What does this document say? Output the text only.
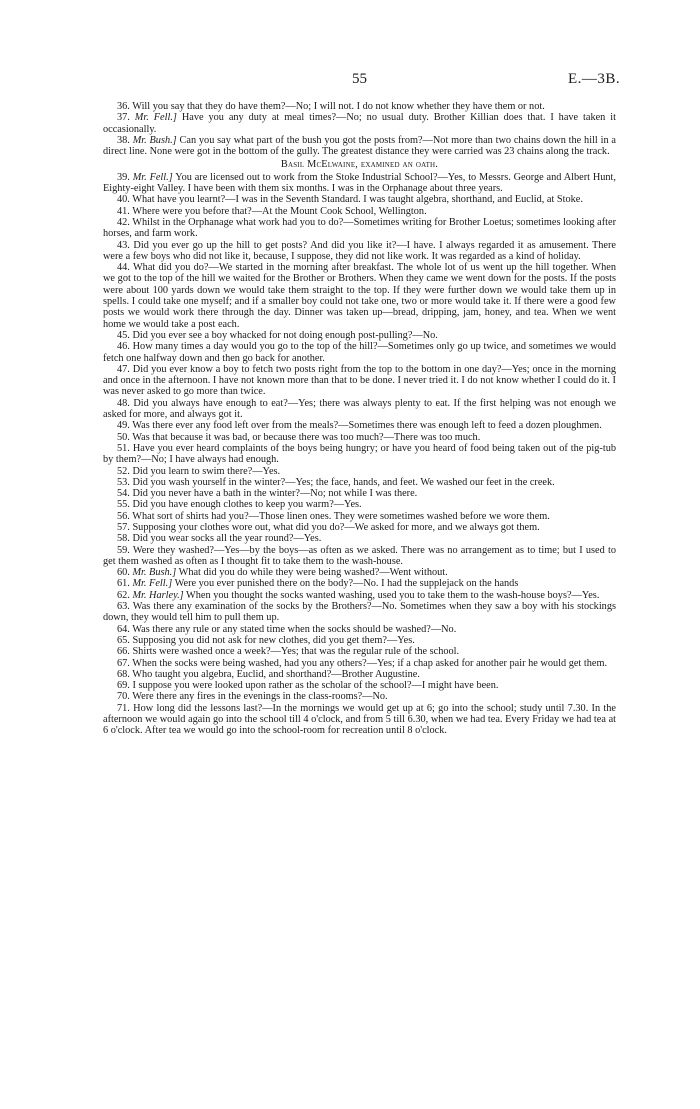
55	E.—3B.

36. Will you say that they do have them?—No; I will not. I do not know whether they have them or not.

37. Mr. Fell.] Have you any duty at meal times?—No; no usual duty. Brother Killian does that. I have taken it occasionally.

38. Mr. Bush.] Can you say what part of the bush you got the posts from?—Not more than two chains down the hill in a direct line. None were got in the bottom of the gully. The greatest distance they were carried was 23 chains along the track.

Basil McElwaine, examined an oath.

39. Mr. Fell.] You are licensed out to work from the Stoke Industrial School?—Yes, to Messrs. George and Albert Hunt, Eighty-eight Valley. I have been with them six months. I was in the Orphanage about three years.

40. What have you learnt?—I was in the Seventh Standard. I was taught algebra, shorthand, and Euclid, at Stoke.

41. Where were you before that?—At the Mount Cook School, Wellington.

42. Whilst in the Orphanage what work had you to do?—Sometimes writing for Brother Loetus; sometimes looking after horses, and farm work.

43. Did you ever go up the hill to get posts? And did you like it?—I have. I always regarded it as amusement. There were a few boys who did not like it, because, I suppose, they did not like work. It was regarded as a kind of holiday.

44. What did you do?—We started in the morning after breakfast. The whole lot of us went up the hill together. When we got to the top of the hill we waited for the Brother or Brothers. When they came we went down for the posts. If the posts were about 100 yards down we would take them straight to the top. If they were further down we would take them up in spells. I could take one myself; and if a smaller boy could not take one, two or more would take it. If there were a good few posts we would work there through the day. Dinner was taken up—bread, dripping, jam, honey, and tea. When we went home we would take a post each.

45. Did you ever see a boy whacked for not doing enough post-pulling?—No.

46. How many times a day would you go to the top of the hill?—Sometimes only go up twice, and sometimes we would fetch one halfway down and then go back for another.

47. Did you ever know a boy to fetch two posts right from the top to the bottom in one day?—Yes; once in the morning and once in the afternoon. I have not known more than that to be done. I never tried it. I do not know whether I could do it. I was never asked to go more than twice.

48. Did you always have enough to eat?—Yes; there was always plenty to eat. If the first helping was not enough we asked for more, and always got it.

49. Was there ever any food left over from the meals?—Sometimes there was enough left to feed a dozen ploughmen.

50. Was that because it was bad, or because there was too much?—There was too much.

51. Have you ever heard complaints of the boys being hungry; or have you heard of food being taken out of the pig-tub by them?—No; I have always had enough.

52. Did you learn to swim there?—Yes.

53. Did you wash yourself in the winter?—Yes; the face, hands, and feet. We washed our feet in the creek.

54. Did you never have a bath in the winter?—No; not while I was there.

55. Did you have enough clothes to keep you warm?—Yes.

56. What sort of shirts had you?—Those linen ones. They were sometimes washed before we wore them.

57. Supposing your clothes wore out, what did you do?—We asked for more, and we always got them.

58. Did you wear socks all the year round?—Yes.

59. Were they washed?—Yes—by the boys—as often as we asked. There was no arrangement as to time; but I used to get them washed as often as I thought fit to take them to the wash-house.

60. Mr. Bush.] What did you do while they were being washed?—Went without.

61. Mr. Fell.] Were you ever punished there on the body?—No. I had the supplejack on the hands

62. Mr. Harley.] When you thought the socks wanted washing, used you to take them to the wash-house boys?—Yes.

63. Was there any examination of the socks by the Brothers?—No. Sometimes when they saw a boy with his stockings down, they would tell him to pull them up.

64. Was there any rule or any stated time when the socks should be washed?—No.

65. Supposing you did not ask for new clothes, did you get them?—Yes.

66. Shirts were washed once a week?—Yes; that was the regular rule of the school.

67. When the socks were being washed, had you any others?—Yes; if a chap asked for another pair he would get them.

68. Who taught you algebra, Euclid, and shorthand?—Brother Augustine.

69. I suppose you were looked upon rather as the scholar of the school?—I might have been.

70. Were there any fires in the evenings in the class-rooms?—No.

71. How long did the lessons last?—In the mornings we would get up at 6; go into the school; study until 7.30. In the afternoon we would again go into the school till 4 o'clock, and from 5 till 6.30, when we had tea. Every Friday we had tea at 6 o'clock. After tea we would go into the school-room for recreation until 8 o'clock.
